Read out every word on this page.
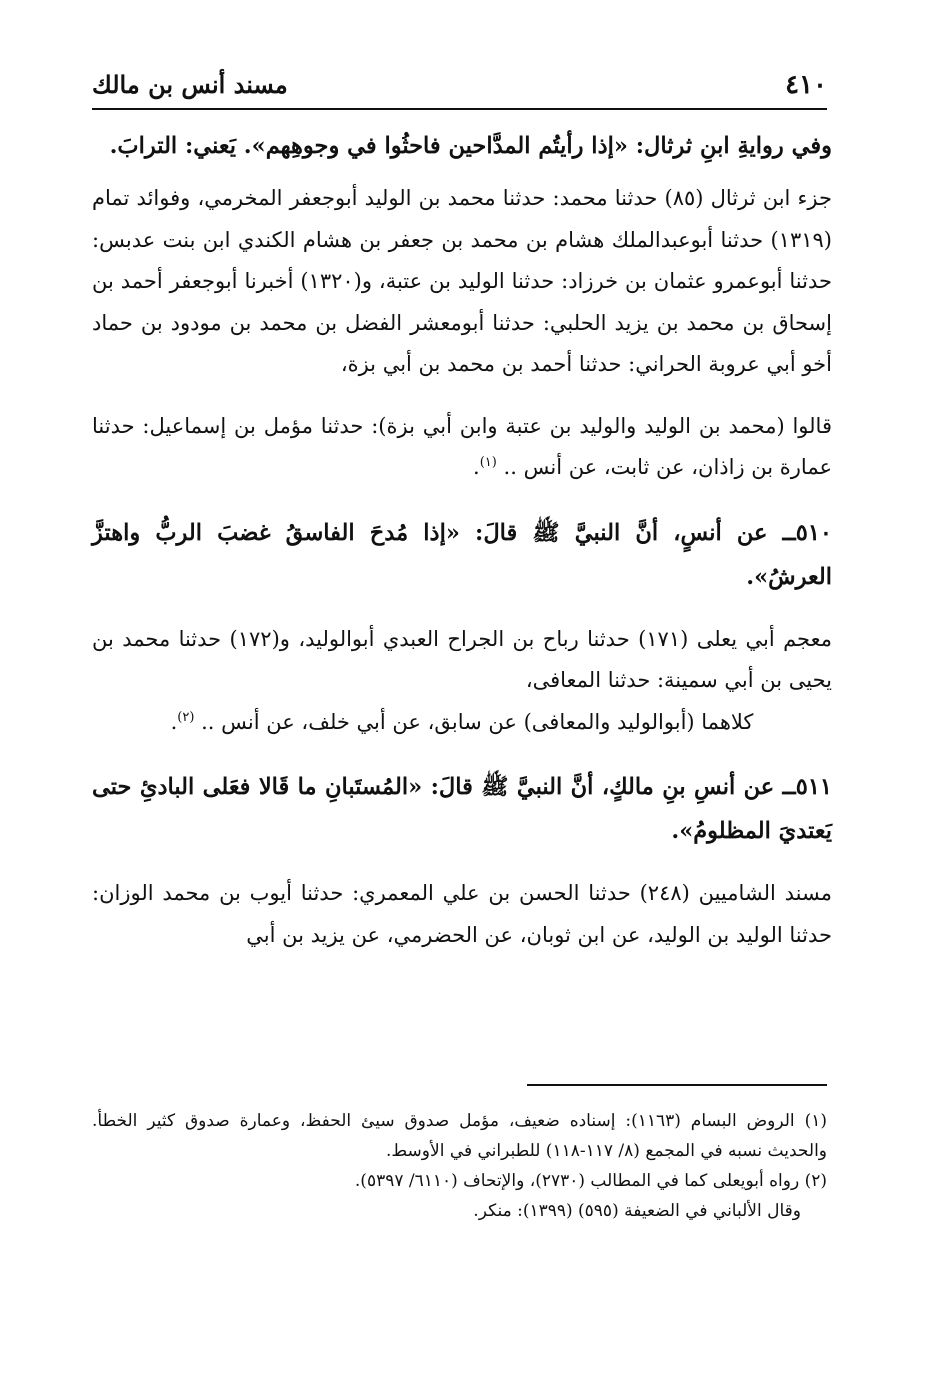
٤١٠
مسند أنس بن مالك

وفي روايةِ ابنِ ثرثال: «إذا رأيتُم المدَّاحين فاحثُوا في وجوهِهم». يَعني: الترابَ.

جزء ابن ثرثال (٨٥) حدثنا محمد: حدثنا محمد بن الوليد أبوجعفر المخرمي، وفوائد تمام (١٣١٩) حدثنا أبوعبدالملك هشام بن محمد بن جعفر بن هشام الكندي ابن بنت عدبس: حدثنا أبوعمرو عثمان بن خرزاد: حدثنا الوليد بن عتبة، و(١٣٢٠) أخبرنا أبوجعفر أحمد بن إسحاق بن محمد بن يزيد الحلبي: حدثنا أبومعشر الفضل بن محمد بن مودود بن حماد أخو أبي عروبة الحراني: حدثنا أحمد بن محمد بن أبي بزة،

قالوا (محمد بن الوليد والوليد بن عتبة وابن أبي بزة): حدثنا مؤمل بن إسماعيل: حدثنا عمارة بن زاذان، عن ثابت، عن أنس .. $^{(١)}$.

٥١٠ــ عن أنسٍ، أنَّ النبيَّ ﷺ قالَ: «إذا مُدحَ الفاسقُ غضبَ الربُّ واهتزَّ العرشُ».

معجم أبي يعلى (١٧١) حدثنا رباح بن الجراح العبدي أبوالوليد، و(١٧٢) حدثنا محمد بن يحيى بن أبي سمينة: حدثنا المعافى،

كلاهما (أبوالوليد والمعافى) عن سابق، عن أبي خلف، عن أنس .. $^{(٢)}$.

٥١١ــ عن أنسِ بنِ مالكٍ، أنَّ النبيَّ ﷺ قالَ: «المُستَبانِ ما قَالا فعَلى البادئِ حتى يَعتديَ المظلومُ».

مسند الشاميين (٢٤٨) حدثنا الحسن بن علي المعمري: حدثنا أيوب بن محمد الوزان: حدثنا الوليد بن الوليد، عن ابن ثوبان، عن الحضرمي، عن يزيد بن أبي

(١) الروض البسام (١١٦٣): إسناده ضعيف، مؤمل صدوق سيئ الحفظ، وعمارة صدوق كثير الخطأ. والحديث نسبه في المجمع (٨/ ١١٧-١١٨) للطبراني في الأوسط.

(٢) رواه أبويعلى كما في المطالب (٢٧٣٠)، والإتحاف (٦١١٠/ ٥٣٩٧).

وقال الألباني في الضعيفة (٥٩٥) (١٣٩٩): منكر.
